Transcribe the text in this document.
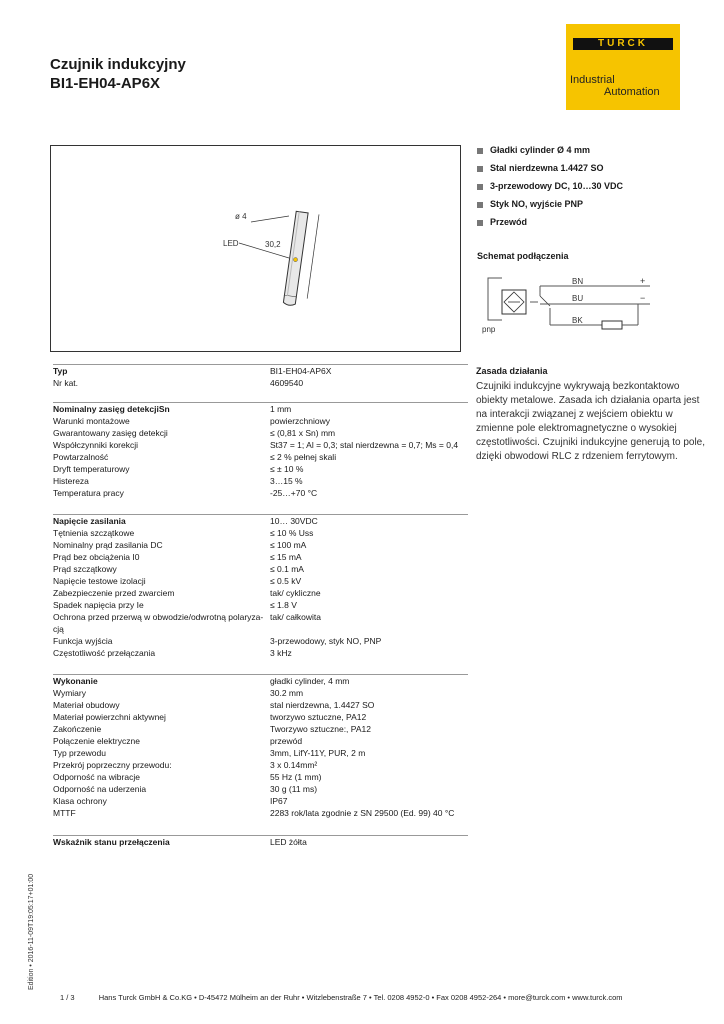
Czujnik indukcyjny
BI1-EH04-AP6X
TURCK
Industrial
Automation
ø 4
LED	30,2
Gładki cylinder Ø 4 mm
Stal nierdzewna 1.4427 SO
3-przewodowy DC, 10…30 VDC
Styk NO, wyjście PNP
Przewód
Schemat podłączenia
BN
BU
BK
+
−
pnp
Zasada działania
Czujniki indukcyjne wykrywają bezkontaktowo obiekty metalowe. Zasada ich działania oparta jest na interakcji związanej z wejściem obiektu w zmienne pole elektromagnetyczne o wysokiej częstotliwości. Czujniki indukcyjne generują to pole, dzięki obwodowi RLC z rdzeniem ferrytowym.
Typ	BI1-EH04-AP6X
Nr kat.	4609540
Nominalny zasięg detekcjiSn	1 mm
Warunki montażowe	powierzchniowy
Gwarantowany zasięg detekcji	≤ (0,81 x Sn) mm
Współczynniki korekcji	St37 = 1; Al = 0,3; stal nierdzewna = 0,7; Ms = 0,4
Powtarzalność	≤ 2 % pełnej skali
Dryft temperaturowy	≤ ± 10 %
Histereza	3…15 %
Temperatura pracy	-25…+70 °C
Napięcie zasilania	10… 30VDC
Tętnienia szczątkowe	≤ 10 % Uss
Nominalny prąd zasilania DC	≤ 100 mA
Prąd bez obciążenia I0	≤ 15 mA
Prąd szczątkowy	≤ 0.1 mA
Napięcie testowe izolacji	≤ 0.5 kV
Zabezpieczenie przed zwarciem	tak/ cykliczne
Spadek napięcia przy Ie	≤ 1.8 V
Ochrona przed przerwą w obwodzie/odwrotną polaryza- tak/ całkowita
cją
Funkcja wyjścia	3-przewodowy, styk NO, PNP
Częstotliwość przełączania	3 kHz
Wykonanie	gładki cylinder, 4 mm
Wymiary	30.2 mm
Materiał obudowy	stal nierdzewna, 1.4427 SO
Materiał powierzchni aktywnej	tworzywo sztuczne, PA12
Zakończenie	Tworzywo sztuczne:, PA12
Połączenie elektryczne	przewód
Typ przewodu	3mm, LifY-11Y, PUR, 2 m
Przekrój poprzeczny przewodu:	3 x 0.14mm²
Odporność na wibracje	55 Hz (1 mm)
Odporność na uderzenia	30 g (11 ms)
Klasa ochrony	IP67
MTTF	2283 rok/lata zgodnie z SN 29500 (Ed. 99) 40 °C
Wskaźnik stanu przełączenia	LED żółta
Edition • 2016-11-09T19:05:17+01:00
1 / 3	Hans Turck GmbH & Co.KG • D-45472 Mülheim an der Ruhr • Witzlebenstraße 7 • Tel. 0208 4952-0 • Fax 0208 4952-264 • more@turck.com • www.turck.com
